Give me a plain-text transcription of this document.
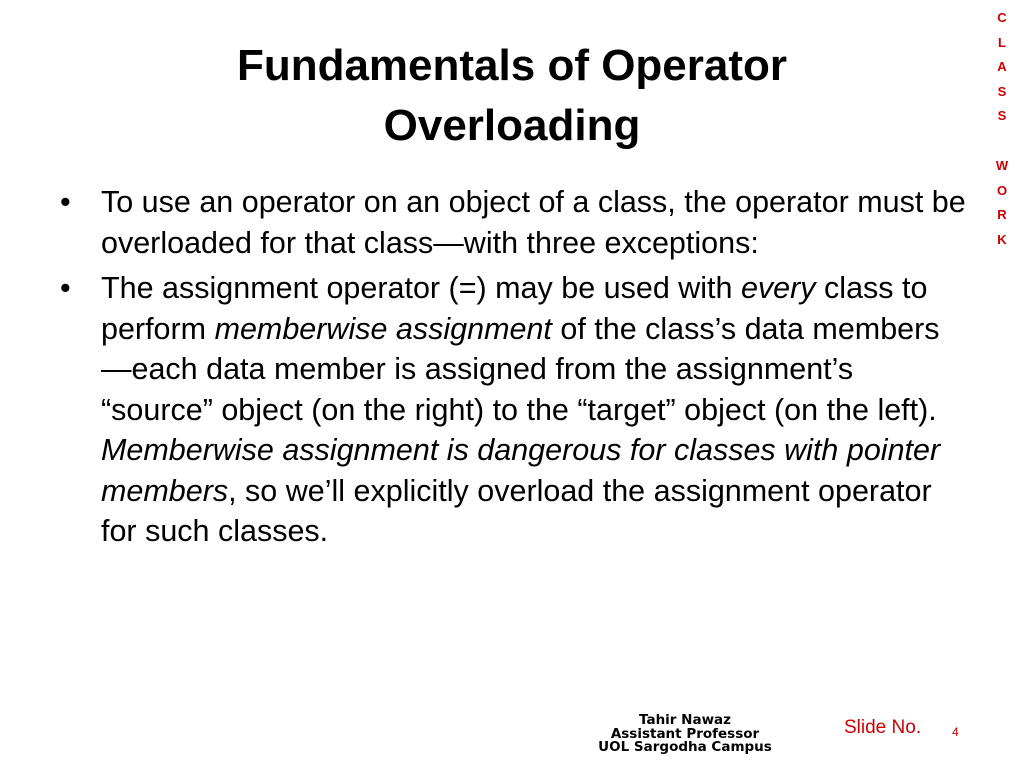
Fundamentals of Operator
Overloading
C
L
A
S
S
W
O
R
K
• To use an operator on an object of a class, the operator must be overloaded for that class—with three exceptions:
• The assignment operator (=) may be used with every class to perform memberwise assignment of the class’s data members—each data member is assigned from the assignment’s “source” object (on the right) to the “target” object (on the left). Memberwise assignment is dangerous for classes with pointer members, so we’ll explicitly overload the assignment operator for such classes.
Tahir Nawaz
Assistant Professor
UOL Sargodha Campus
Slide No.	4
